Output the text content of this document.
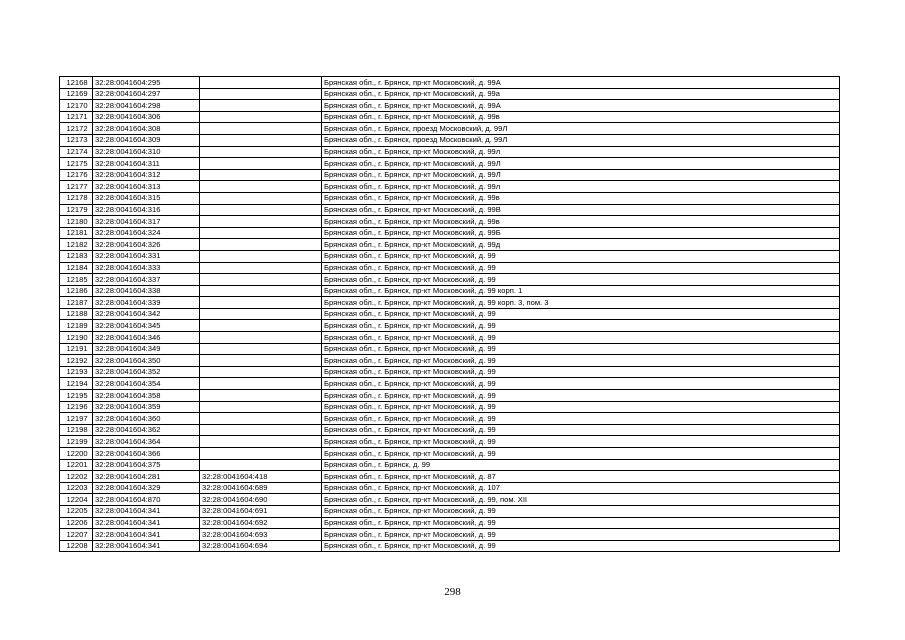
12168	32:28:0041604:295		Брянская обл., г. Брянск, пр-кт Московский, д. 99А
12169	32:28:0041604:297		Брянская обл., г. Брянск, пр-кт Московский, д. 99а
12170	32:28:0041604:298		Брянская обл., г. Брянск, пр-кт Московский, д. 99А
12171	32:28:0041604:306		Брянская обл., г. Брянск, пр-кт Московский, д. 99в
12172	32:28:0041604:308		Брянская обл., г. Брянск, проезд Московский, д. 99Л
12173	32:28:0041604:309		Брянская обл., г. Брянск, проезд Московский, д. 99Л
12174	32:28:0041604:310		Брянская обл., г. Брянск, пр-кт Московский, д. 99л
12175	32:28:0041604:311		Брянская обл., г. Брянск, пр-кт Московский, д. 99Л
12176	32:28:0041604:312		Брянская обл., г. Брянск, пр-кт Московский, д. 99Л
12177	32:28:0041604:313		Брянская обл., г. Брянск, пр-кт Московский, д. 99л
12178	32:28:0041604:315		Брянская обл., г. Брянск, пр-кт Московский, д. 99в
12179	32:28:0041604:316		Брянская обл., г. Брянск, пр-кт Московский, д. 99В
12180	32:28:0041604:317		Брянская обл., г. Брянск, пр-кт Московский, д. 99в
12181	32:28:0041604:324		Брянская обл., г. Брянск, пр-кт Московский, д. 99Б
12182	32:28:0041604:326		Брянская обл., г. Брянск, пр-кт Московский, д. 99д
12183	32:28:0041604:331		Брянская обл., г. Брянск, пр-кт Московский, д. 99
12184	32:28:0041604:333		Брянская обл., г. Брянск, пр-кт Московский, д. 99
12185	32:28:0041604:337		Брянская обл., г. Брянск, пр-кт Московский, д. 99
12186	32:28:0041604:338		Брянская обл., г. Брянск, пр-кт Московский, д. 99 корп. 1
12187	32:28:0041604:339		Брянская обл., г. Брянск, пр-кт Московский, д. 99 корп. 3, пом. 3
12188	32:28:0041604:342		Брянская обл., г. Брянск, пр-кт Московский, д. 99
12189	32:28:0041604:345		Брянская обл., г. Брянск, пр-кт Московский, д. 99
12190	32:28:0041604:346		Брянская обл., г. Брянск, пр-кт Московский, д. 99
12191	32:28:0041604:349		Брянская обл., г. Брянск, пр-кт Московский, д. 99
12192	32:28:0041604:350		Брянская обл., г. Брянск, пр-кт Московский, д. 99
12193	32:28:0041604:352		Брянская обл., г. Брянск, пр-кт Московский, д. 99
12194	32:28:0041604:354		Брянская обл., г. Брянск, пр-кт Московский, д. 99
12195	32:28:0041604:358		Брянская обл., г. Брянск, пр-кт Московский, д. 99
12196	32:28:0041604:359		Брянская обл., г. Брянск, пр-кт Московский, д. 99
12197	32:28:0041604:360		Брянская обл., г. Брянск, пр-кт Московский, д. 99
12198	32:28:0041604:362		Брянская обл., г. Брянск, пр-кт Московский, д. 99
12199	32:28:0041604:364		Брянская обл., г. Брянск, пр-кт Московский, д. 99
12200	32:28:0041604:366		Брянская обл., г. Брянск, пр-кт Московский, д. 99
12201	32:28:0041604:375		Брянская обл., г. Брянск, д. 99
12202	32:28:0041604:281	32:28:0041604:418	Брянская обл., г. Брянск, пр-кт Московский, д. 87
12203	32:28:0041604:329	32:28:0041604:689	Брянская обл., г. Брянск, пр-кт Московский, д. 107
12204	32:28:0041604:870	32:28:0041604:690	Брянская обл., г. Брянск, пр-кт Московский, д. 99, пом. XII
12205	32:28:0041604:341	32:28:0041604:691	Брянская обл., г. Брянск, пр-кт Московский, д. 99
12206	32:28:0041604:341	32:28:0041604:692	Брянская обл., г. Брянск, пр-кт Московский, д. 99
12207	32:28:0041604:341	32:28:0041604:693	Брянская обл., г. Брянск, пр-кт Московский, д. 99
12208	32:28:0041604:341	32:28:0041604:694	Брянская обл., г. Брянск, пр-кт Московский, д. 99
298
